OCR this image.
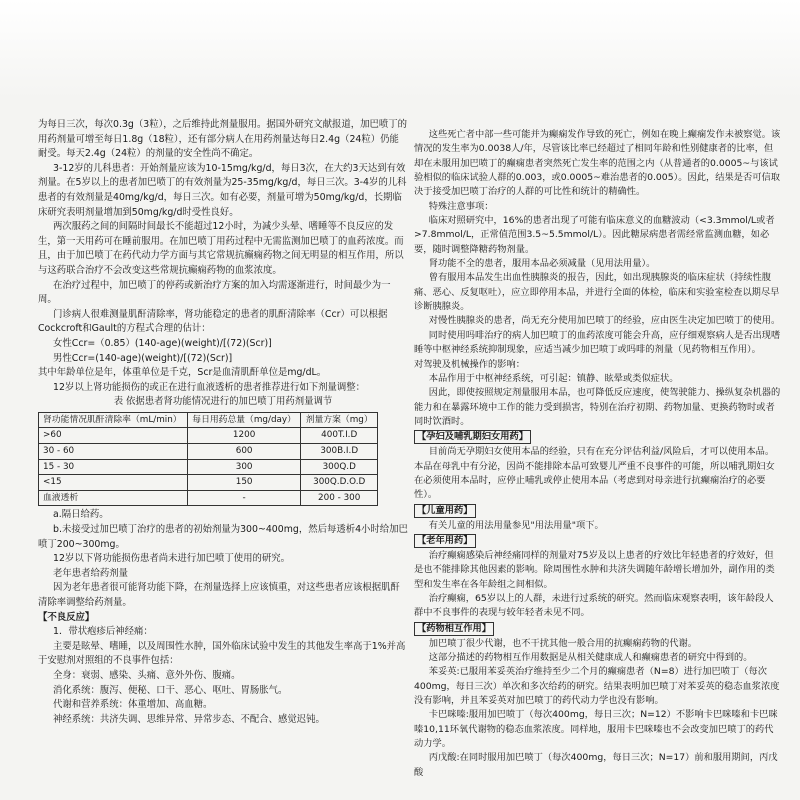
为每日三次，每次0.3g（3粒），之后维持此剂量服用。据国外研究文献报道，加巴喷丁的用药剂量可增至每日1.8g（18粒），还有部分病人在用药剂量达每日2.4g（24粒）仍能耐受。每天2.4g（24粒）的剂量的安全性尚不确定。

3-12岁的儿科患者：开始剂量应该为10-15mg/kg/d，每日3次，在大约3天达到有效剂量。在5岁以上的患者加巴喷丁的有效剂量为25-35mg/kg/d，每日三次。3-4岁的儿科患者的有效剂量是40mg/kg/d，每日三次。如有必要，剂量可增为50mg/kg/d，长期临床研究表明剂量增加到50mg/kg/d时受性良好。

两次服药之间的间隔时间最长不能超过12小时，为减少头晕、嗜睡等不良反应的发生，第一天用药可在睡前服用。在加巴喷丁用药过程中无需监测加巴喷丁的血药浓度。而且，由于加巴喷丁在药代动力学方面与其它常规抗癫痫药物之间无明显的相互作用，所以与这药联合治疗不会改变这些常规抗癫痫药物的血浆浓度。

在治疗过程中，加巴喷丁的停药或新治疗方案的加入均需逐渐进行，时间最少为一周。

门诊病人很难测量肌酐清除率，肾功能稳定的患者的肌酐清除率（Ccr）可以根据Cockcroft和Gault的方程式合理的估计：

女性Ccr=（0.85）(140-age)(weight)/[(72)(Scr)]

男性Ccr=(140-age)(weight)/[(72)(Scr)]

其中年龄单位是年，体重单位是千克，Scr是血清肌酐单位是mg/dL。

12岁以上肾功能损伤的或正在进行血液透析的患者推荐进行如下剂量调整：

表 依据患者肾功能情况进行的加巴喷丁用药剂量调节

肾功能情况肌酐清除率（mL/min）	每日用药总量（mg/day）	剂量方案（mg）
>60	1200	400T.I.D
30 - 60	600	300B.I.D
15 - 30	300	300Q.D
<15	150	300Q.D.O.D
血液透析	-	200 - 300

a.隔日给药。

b.未接受过加巴喷丁治疗的患者的初始剂量为300~400mg，然后每透析4小时给加巴喷丁200~300mg。

12岁以下肾功能损伤患者尚未进行加巴喷丁使用的研究。

老年患者给药剂量

因为老年患者很可能肾功能下降，在剂量选择上应该慎重，对这些患者应该根据肌酐清除率调整给药剂量。

【不良反应】

1．带状疱疹后神经痛：

主要是眩晕、嗜睡，以及周围性水肿，国外临床试验中发生的其他发生率高于1%并高于安慰剂对照组的不良事件包括：

全身：衰弱、感染、头痛、意外外伤、腹痛。

消化系统：腹泻、便秘、口干、恶心、呕吐、胃肠胀气。

代谢和营养系统：体重增加、高血糖。

神经系统：共济失调、思维异常、异常步态、不配合、感觉迟钝。

这些死亡者中部一些可能并为癫痫发作导致的死亡，例如在晚上癫痫发作未被察觉。该情况的发生率为0.0038人/年，尽管该比率已经超过了相同年龄和性别健康者的比率，但却在未服用加巴喷丁的癫痫患者突然死亡发生率的范围之内（从普通者的0.0005~与该试验相似的临床试验人群的0.003，或0.0005~难治患者的0.005）。因此，结果是否可信取决于接受加巴喷丁治疗的人群的可比性和统计的精确性。

特殊注意事项：

临床对照研究中，16%的患者出现了可能有临床意义的血糖波动（<3.3mmol/L或者>7.8mmol/L，正常值范围3.5~5.5mmol/L）。因此糖尿病患者需经常监测血糖，如必要，随时调整降糖药物剂量。

肾功能不全的患者，服用本品必须减量（见用法用量）。

曾有服用本品发生出血性胰腺炎的报告，因此，如出现胰腺炎的临床症状（持续性腹痛、恶心、反复呕吐），应立即停用本品，并进行全面的体检，临床和实验室检查以期尽早诊断胰腺炎。

对慢性胰腺炎的患者，尚无充分使用加巴喷丁的经验，应由医生决定加巴喷丁的使用。

同时使用吗啡治疗的病人加巴喷丁的血药浓度可能会升高，应仔细观察病人是否出现嗜睡等中枢神经系统抑制现象，应适当减少加巴喷丁或吗啡的剂量（见药物相互作用）。

对驾驶及机械操作的影响：

本品作用于中枢神经系统，可引起：镇静、眩晕或类似症状。

因此，即使按照规定剂量服用本品，也可降低反应速度，使驾驶能力、操纵复杂机器的能力和在暴露环境中工作的能力受到损害，特别在治疗初期、药物加量、更换药物时或者同时饮酒时。

【孕妇及哺乳期妇女用药】

目前尚无孕期妇女使用本品的经验，只有在充分评估利益/风险后，才可以使用本品。本品在母乳中有分泌，因尚不能排除本品可致婴儿严重不良事件的可能，所以哺乳期妇女在必须使用本品时，应停止哺乳或停止使用本品（考虑到对母亲进行抗癫痫治疗的必要性）。

【儿童用药】

有关儿童的用法用量参见"用法用量"项下。

【老年用药】

治疗癫痫感染后神经痛同样的剂量对75岁及以上患者的疗效比年轻患者的疗效好，但是也不能排除其他因素的影响。除周围性水肿和共济失调随年龄增长增加外，副作用的类型和发生率在各年龄组之间相似。

治疗癫痫，65岁以上的人群，未进行过系统的研究。然而临床观察表明，该年龄段人群中不良事件的表现与较年轻者未见不同。

【药物相互作用】

加巴喷丁很少代谢，也不干扰其他一般合用的抗癫痫药物的代谢。

这部分描述的药物相互作用数据是从相关健康成人和癫痫患者的研究中得到的。

苯妥英:已服用苯妥英治疗维持至少二个月的癫痫患者（N=8）进行加巴喷丁（每次400mg，每日三次）单次和多次给药的研究。结果表明加巴喷丁对苯妥英的稳态血浆浓度没有影响，并且苯妥英对加巴喷丁的药代动力学也没有影响。

卡巴咪嗪:服用加巴喷丁（每次400mg，每日三次；N=12）不影响卡巴咪嗪和卡巴咪嗪10,11环氧代谢物的稳态血浆浓度。同样地，服用卡巴咪嗪也不会改变加巴喷丁的药代动力学。

丙戊酸:在同时服用加巴喷丁（每次400mg，每日三次；N=17）前和服用期间，丙戊酸
